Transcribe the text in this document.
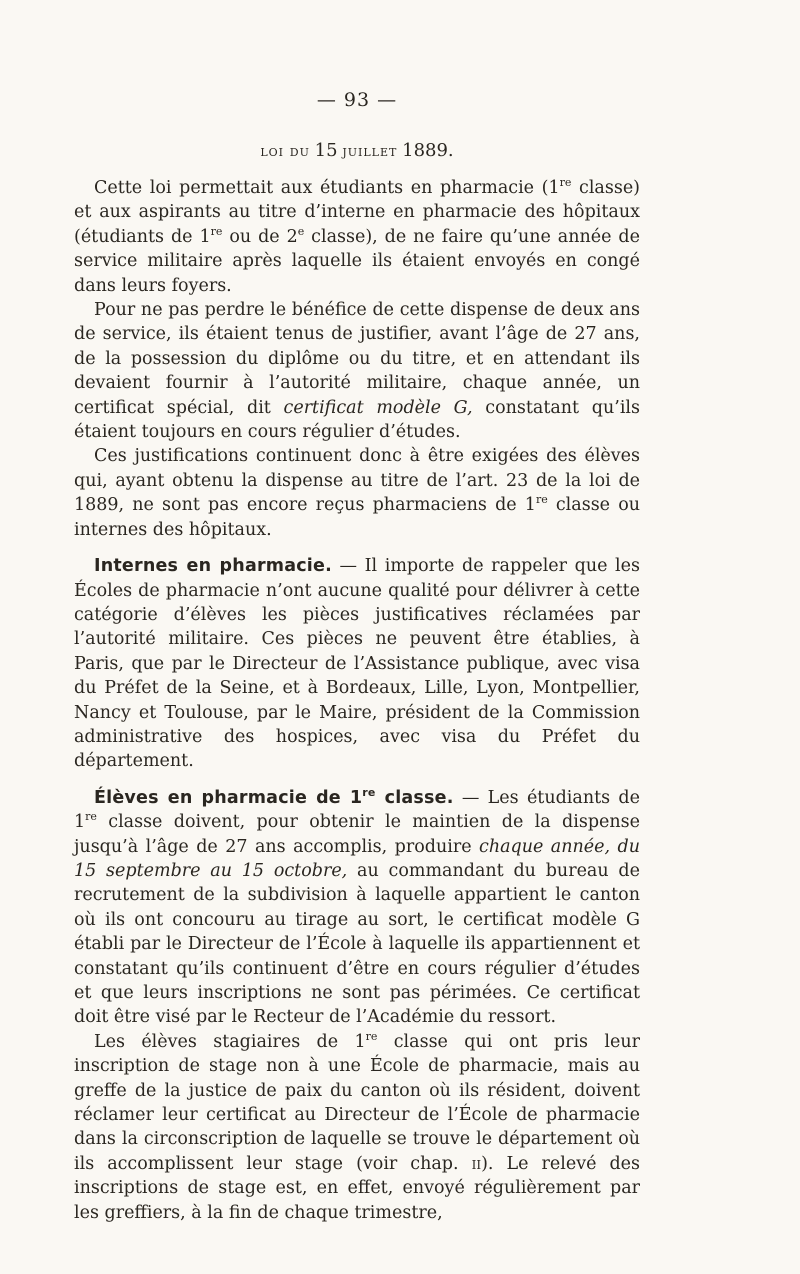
— 93 —
loi du 15 juillet 1889.

Cette loi permettait aux étudiants en pharmacie (1re classe) et aux aspirants au titre d’interne en pharmacie des hôpitaux (étudiants de 1re ou de 2e classe), de ne faire qu’une année de service militaire après laquelle ils étaient envoyés en congé dans leurs foyers.

Pour ne pas perdre le bénéfice de cette dispense de deux ans de service, ils étaient tenus de justifier, avant l’âge de 27 ans, de la possession du diplôme ou du titre, et en attendant ils devaient fournir à l’autorité militaire, chaque année, un certificat spécial, dit certificat modèle G, constatant qu’ils étaient toujours en cours régulier d’études.

Ces justifications continuent donc à être exigées des élèves qui, ayant obtenu la dispense au titre de l’art. 23 de la loi de 1889, ne sont pas encore reçus pharmaciens de 1re classe ou internes des hôpitaux.

Internes en pharmacie. — Il importe de rappeler que les Écoles de pharmacie n’ont aucune qualité pour délivrer à cette catégorie d’élèves les pièces justificatives réclamées par l’autorité militaire. Ces pièces ne peuvent être établies, à Paris, que par le Directeur de l’Assistance publique, avec visa du Préfet de la Seine, et à Bordeaux, Lille, Lyon, Montpellier, Nancy et Toulouse, par le Maire, président de la Commission administrative des hospices, avec visa du Préfet du département.

Élèves en pharmacie de 1re classe. — Les étudiants de 1re classe doivent, pour obtenir le maintien de la dispense jusqu’à l’âge de 27 ans accomplis, produire chaque année, du 15 septembre au 15 octobre, au commandant du bureau de recrutement de la subdivision à laquelle appartient le canton où ils ont concouru au tirage au sort, le certificat modèle G établi par le Directeur de l’École à laquelle ils appartiennent et constatant qu’ils continuent d’être en cours régulier d’études et que leurs inscriptions ne sont pas périmées. Ce certificat doit être visé par le Recteur de l’Académie du ressort.

Les élèves stagiaires de 1re classe qui ont pris leur inscription de stage non à une École de pharmacie, mais au greffe de la justice de paix du canton où ils résident, doivent réclamer leur certificat au Directeur de l’École de pharmacie dans la circonscription de laquelle se trouve le département où ils accomplissent leur stage (voir chap. ii). Le relevé des inscriptions de stage est, en effet, envoyé régulièrement par les greffiers, à la fin de chaque trimestre,
